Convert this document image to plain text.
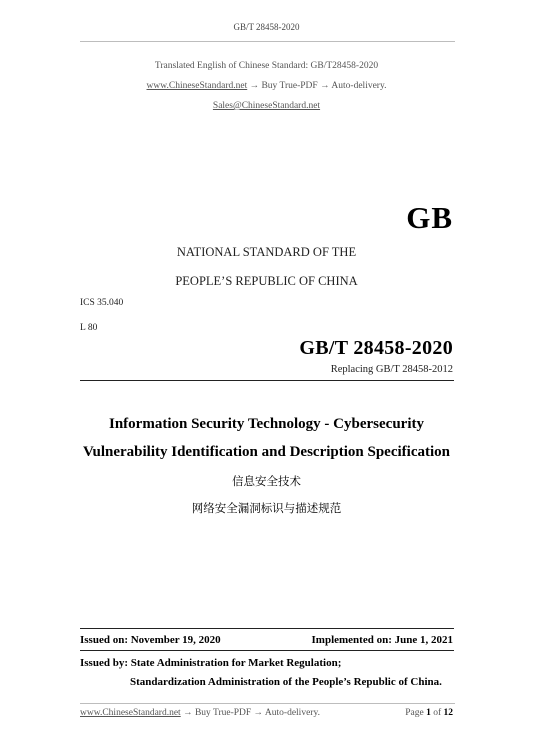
GB/T 28458-2020
Translated English of Chinese Standard: GB/T28458-2020
www.ChineseStandard.net → Buy True-PDF → Auto-delivery.
Sales@ChineseStandard.net
GB
NATIONAL STANDARD OF THE
PEOPLE’S REPUBLIC OF CHINA
ICS 35.040
L 80
GB/T 28458-2020
Replacing GB/T 28458-2012
Information Security Technology - Cybersecurity
Vulnerability Identification and Description Specification
信息安全技术
网络安全漏洞标识与描述规范
Issued on: November 19, 2020	Implemented on: June 1, 2021
Issued by: State Administration for Market Regulation;
Standardization Administration of the People’s Republic of China.
www.ChineseStandard.net → Buy True-PDF → Auto-delivery.	Page 1 of 12
